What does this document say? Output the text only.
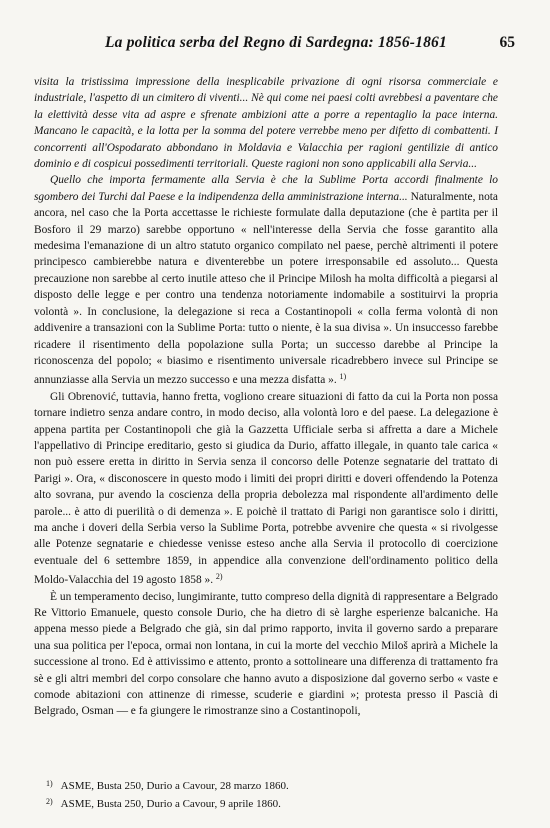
La politica serba del Regno di Sardegna: 1856-1861	65

visita la tristissima impressione della inesplicabile privazione di ogni risorsa commerciale e industriale, l'aspetto di un cimitero di viventi... Nè qui come nei paesi colti avrebbesi a paventare che la elettività desse vita ad aspre e sfrenate ambizioni atte a porre a repentaglio la pace interna. Mancano le capacità, e la lotta per la somma del potere verrebbe meno per difetto di combattenti. I concorrenti all'Ospodarato abbondano in Moldavia e Valacchia per ragioni gentilizie di antico dominio e di cospicui possedimenti territoriali. Queste ragioni non sono applicabili alla Servia...

Quello che importa fermamente alla Servia è che la Sublime Porta accordi finalmente lo sgombero dei Turchi dal Paese e la indipendenza della amministrazione interna... Naturalmente, nota ancora, nel caso che la Porta accettasse le richieste formulate dalla deputazione (che è partita per il Bosforo il 29 marzo) sarebbe opportuno « nell'interesse della Servia che fosse garantito alla medesima l'emanazione di un altro statuto organico compilato nel paese, perchè altrimenti il potere principesco cambierebbe natura e diventerebbe un potere irresponsabile ed assoluto... Questa precauzione non sarebbe al certo inutile atteso che il Principe Milosh ha molta difficoltà a piegarsi al disposto delle legge e per contro una tendenza notoriamente indomabile a sostituirvi la propria volontà ». In conclusione, la delegazione si reca a Costantinopoli « colla ferma volontà di non addivenire a transazioni con la Sublime Porta: tutto o niente, è la sua divisa ». Un insuccesso farebbe ricadere il risentimento della popolazione sulla Porta; un successo darebbe al Principe la riconoscenza del popolo; « biasimo e risentimento universale ricadrebbero invece sul Principe se annunziasse alla Servia un mezzo successo e una mezza disfatta ». $^{1)}$

Gli Obrenović, tuttavia, hanno fretta, vogliono creare situazioni di fatto da cui la Porta non possa tornare indietro senza andare contro, in modo deciso, alla volontà loro e del paese. La delegazione è appena partita per Costantinopoli che già la Gazzetta Ufficiale serba si affretta a dare a Michele l'appellativo di Principe ereditario, gesto si giudica da Durio, affatto illegale, in quanto tale carica « non può essere eretta in diritto in Servia senza il concorso delle Potenze segnatarie del trattato di Parigi ». Ora, « disconoscere in questo modo i limiti dei propri diritti e doveri offendendo la Potenza alto sovrana, pur avendo la coscienza della propria debolezza mal rispondente all'ardimento delle parole... è atto di puerilità o di demenza ». E poichè il trattato di Parigi non garantisce solo i diritti, ma anche i doveri della Serbia verso la Sublime Porta, potrebbe avvenire che questa « si rivolgesse alle Potenze segnatarie e chiedesse venisse esteso anche alla Servia il protocollo di coercizione eventuale del 6 settembre 1859, in appendice alla convenzione dell'ordinamento politico della Moldo-Valacchia del 19 agosto 1858 ». $^{2)}$

È un temperamento deciso, lungimirante, tutto compreso della dignità di rappresentare a Belgrado Re Vittorio Emanuele, questo console Durio, che ha dietro di sè larghe esperienze balcaniche. Ha appena messo piede a Belgrado che già, sin dal primo rapporto, invita il governo sardo a preparare una sua politica per l'epoca, ormai non lontana, in cui la morte del vecchio Miloš aprirà a Michele la successione al trono. Ed è attivissimo e attento, pronto a sottolineare una differenza di trattamento fra sè e gli altri membri del corpo consolare che hanno avuto a disposizione dal governo serbo « vaste e comode abitazioni con attinenze di rimesse, scuderie e giardini »; protesta presso il Pascià di Belgrado, Osman — e fa giungere le rimostranze sino a Costantinopoli,

$^{1)}$ ASME, Busta 250, Durio a Cavour, 28 marzo 1860.
$^{2)}$ ASME, Busta 250, Durio a Cavour, 9 aprile 1860.
